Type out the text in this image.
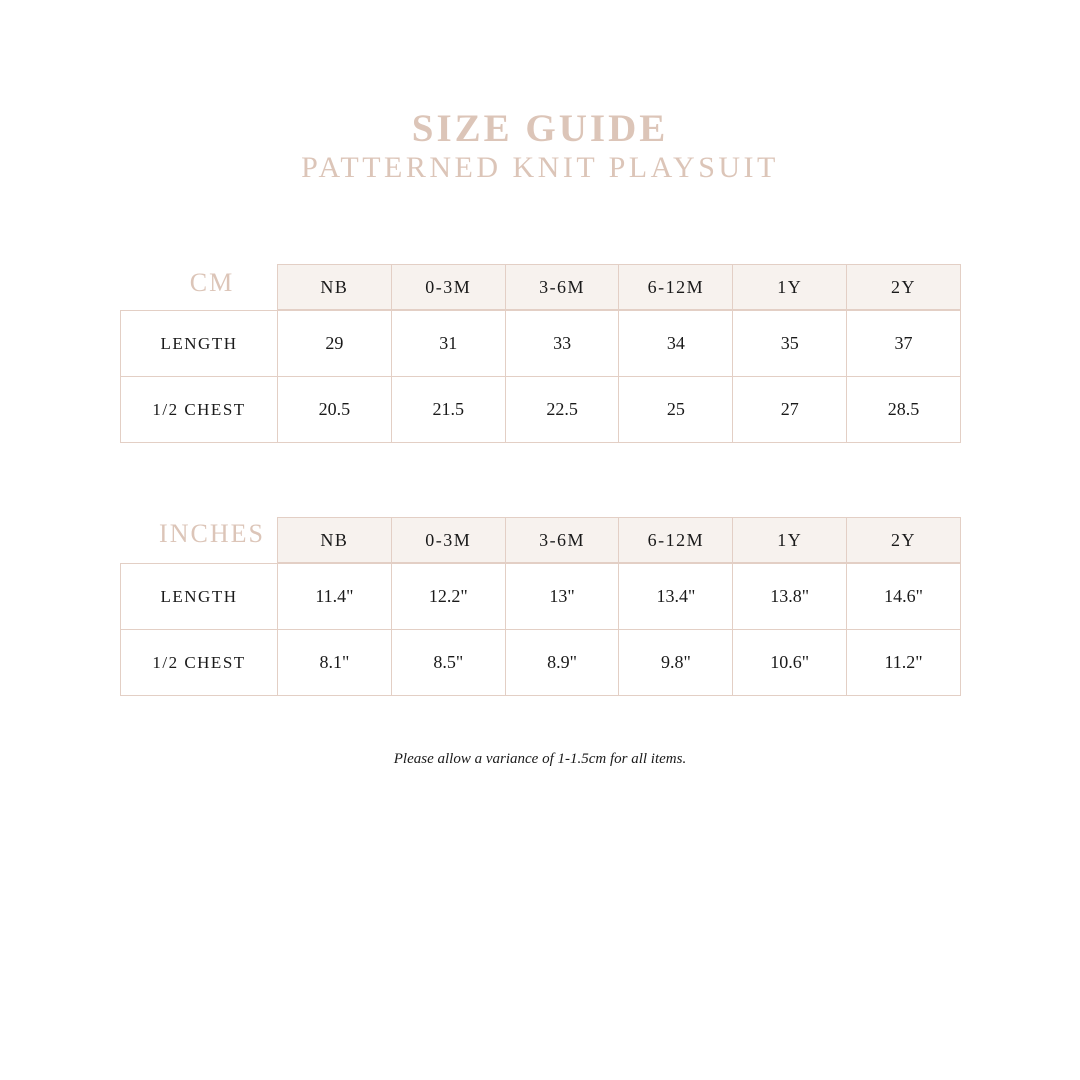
SIZE GUIDE
PATTERNED KNIT PLAYSUIT
CM	NB	0-3M	3-6M	6-12M	1Y	2Y
LENGTH	29	31	33	34	35	37
1/2 CHEST	20.5	21.5	22.5	25	27	28.5
INCHES	NB	0-3M	3-6M	6-12M	1Y	2Y
LENGTH	11.4"	12.2"	13"	13.4"	13.8"	14.6"
1/2 CHEST	8.1"	8.5"	8.9"	9.8"	10.6"	11.2"
Please allow a variance of 1-1.5cm for all items.
